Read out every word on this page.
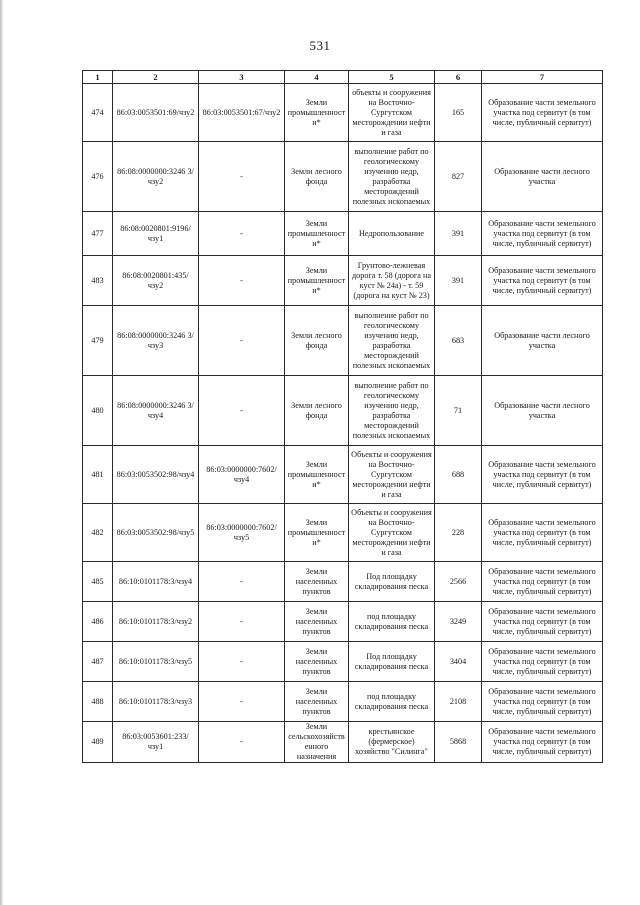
531
1	2	3	4	5	6	7
474	86:03:0053501:69/чзу2	86:03:0053501:67/чзу2	Земли промышленности*	объекты и сооружения на Восточно-Сургутском месторождении нефти и газа	165	Образование части земельного участка под сервитут (в том числе, публичный сервитут)
476	86:08:0000000:3246 3/чзу2	-	Земли лесного фонда	выполнение работ по геологическому изучению недр, разработка месторождений полезных ископаемых	827	Образование части лесного участка
477	86:08:0020801:9196/чзу1	-	Земли промышленности*	Недропользование	391	Образование части земельного участка под сервитут (в том числе, публичный сервитут)
483	86:08:0020801:435/чзу2	-	Земли промышленности*	Грунтово-лежневая дорога т. 58 (дорога на куст № 24а) - т. 59 (дорога на куст № 23)	391	Образование части земельного участка под сервитут (в том числе, публичный сервитут)
479	86:08:0000000:3246 3/чзу3	-	Земли лесного фонда	выполнение работ по геологическому изучению недр, разработка месторождений полезных ископаемых	683	Образование части лесного участка
480	86:08:0000000:3246 3/чзу4	-	Земли лесного фонда	выполнение работ по геологическому изучению недр, разработка месторождений полезных ископаемых	71	Образование части лесного участка
481	86:03:0053502:98/чзу4	86:03:0000000:7602/чзу4	Земли промышленности*	Объекты и сооружения на Восточно-Сургутском месторождении нефти и газа	688	Образование части земельного участка под сервитут (в том числе, публичный сервитут)
482	86:03:0053502:98/чзу5	86:03:0000000:7602/чзу5	Земли промышленности*	Объекты и сооружения на Восточно-Сургутском месторождении нефти и газа	228	Образование части земельного участка под сервитут (в том числе, публичный сервитут)
485	86:10:0101178:3/чзу4	-	Земли населенных пунктов	Под площадку складирования песка	2566	Образование части земельного участка под сервитут (в том числе, публичный сервитут)
486	86:10:0101178:3/чзу2	-	Земли населенных пунктов	под площадку складирования песка	3249	Образование части земельного участка под сервитут (в том числе, публичный сервитут)
487	86:10:0101178:3/чзу5	-	Земли населенных пунктов	Под площадку складирования песка	3404	Образование части земельного участка под сервитут (в том числе, публичный сервитут)
488	86:10:0101178:3/чзу3	-	Земли населенных пунктов	под площадку складирования песка	2108	Образование части земельного участка под сервитут (в том числе, публичный сервитут)
489	86:03:0053601:233/чзу1	-	Земли сельскохозяйственного назначения	крестьянское (фермерское) хозяйство "Силинга"	5868	Образование части земельного участка под сервитут (в том числе, публичный сервитут)
